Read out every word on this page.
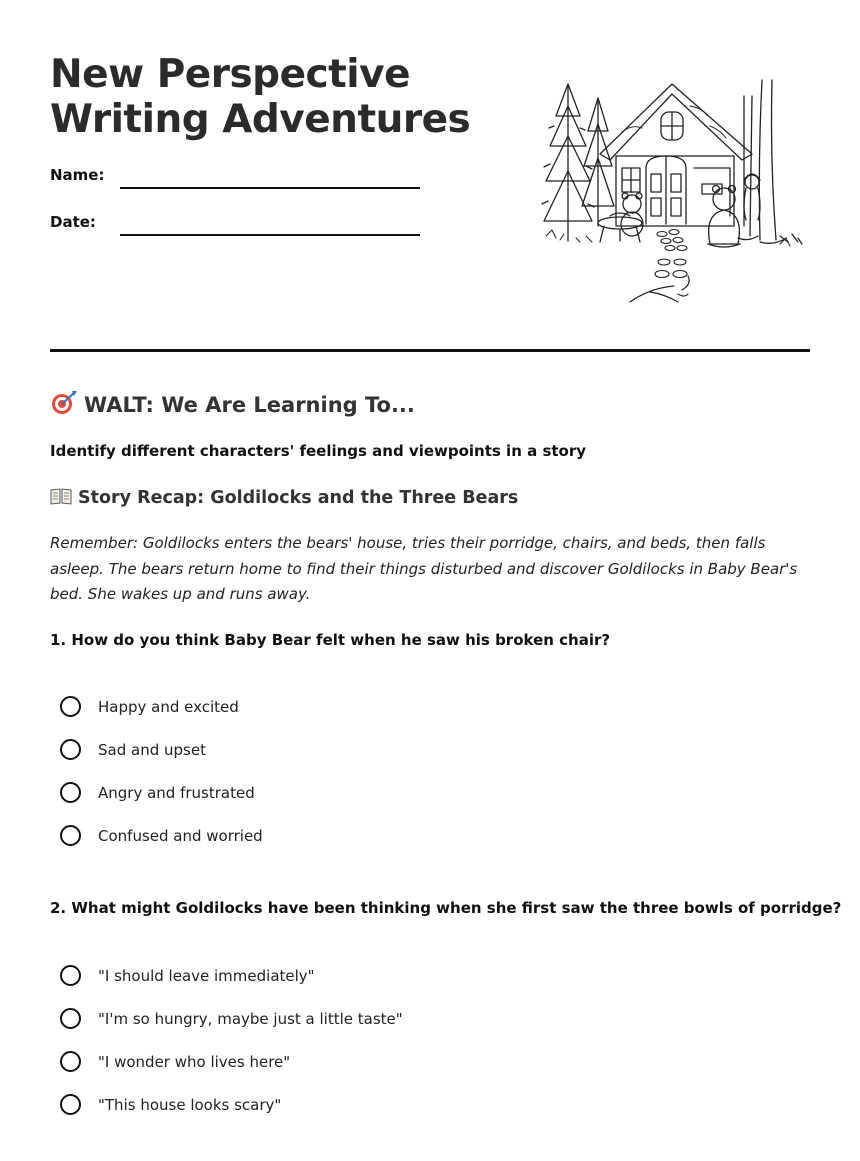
New Perspective
Writing Adventures
Name:
Date:
WALT: We Are Learning To...
Identify different characters' feelings and viewpoints in a story
Story Recap: Goldilocks and the Three Bears

Remember: Goldilocks enters the bears' house, tries their porridge, chairs, and beds, then falls asleep. The bears return home to find their things disturbed and discover Goldilocks in Baby Bear's bed. She wakes up and runs away.

1. How do you think Baby Bear felt when he saw his broken chair?
Happy and excited
Sad and upset
Angry and frustrated
Confused and worried
2. What might Goldilocks have been thinking when she first saw the three bowls of porridge?
"I should leave immediately"
"I'm so hungry, maybe just a little taste"
"I wonder who lives here"
"This house looks scary"
